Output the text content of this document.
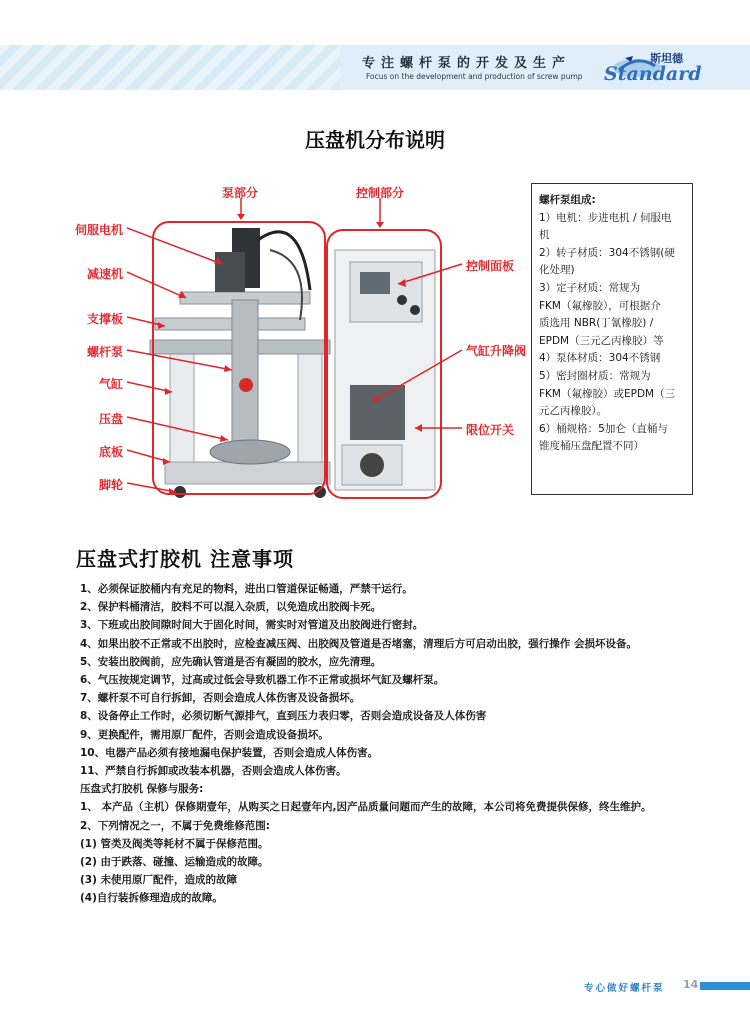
专注螺杆泵的开发及生产
Focus on the development and production of screw pump
斯坦德
Standard
压盘机分布说明
泵部分	控制部分
伺服电机
减速机
支撑板
螺杆泵
气缸
压盘
底板
脚轮
控制面板
气缸升降阀
限位开关
螺杆泵组成:
1）电机：步进电机 / 伺服电
机
2）转子材质：304不锈钢(硬
化处理)
3）定子材质：常规为
FKM（氟橡胶），可根据介
质选用 NBR(丁氰橡胶) /
EPDM（三元乙丙橡胶）等
4）泵体材质：304不锈钢
5）密封圈材质：常规为
FKM（氟橡胶）或EPDM（三
元乙丙橡胶）。
6）桶规格：5加仑（直桶与
锥度桶压盘配置不同）
压盘式打胶机 注意事项
1、必须保证胶桶内有充足的物料，进出口管道保证畅通，严禁干运行。
2、保护料桶清洁，胶料不可以混入杂质，以免造成出胶阀卡死。
3、下班或出胶间隙时间大于固化时间，需实时对管道及出胶阀进行密封。
4、如果出胶不正常或不出胶时，应检查减压阀、出胶阀及管道是否堵塞，清理后方可启动出胶，强行操作 会损坏设备。
5、安装出胶阀前，应先确认管道是否有凝固的胶水，应先清理。
6、气压按规定调节，过高或过低会导致机器工作不正常或损坏气缸及螺杆泵。
7、螺杆泵不可自行拆卸，否则会造成人体伤害及设备损坏。
8、设备停止工作时，必须切断气源排气，直到压力表归零，否则会造成设备及人体伤害
9、更换配件，需用原厂配件，否则会造成设备损坏。
10、电器产品必须有接地漏电保护装置，否则会造成人体伤害。
11、严禁自行拆卸或改装本机器，否则会造成人体伤害。
压盘式打胶机 保修与服务:
1、 本产品（主机）保修期壹年，从购买之日起壹年内,因产品质量问题而产生的故障，本公司将免费提供保修，终生维护。
2、下列情况之一，不属于免费维修范围:
(1) 管类及阀类等耗材不属于保修范围。
(2) 由于跌落、碰撞、运输造成的故障。
(3) 未使用原厂配件，造成的故障
(4)自行装拆修理造成的故障。
专心做好螺杆泵 14
